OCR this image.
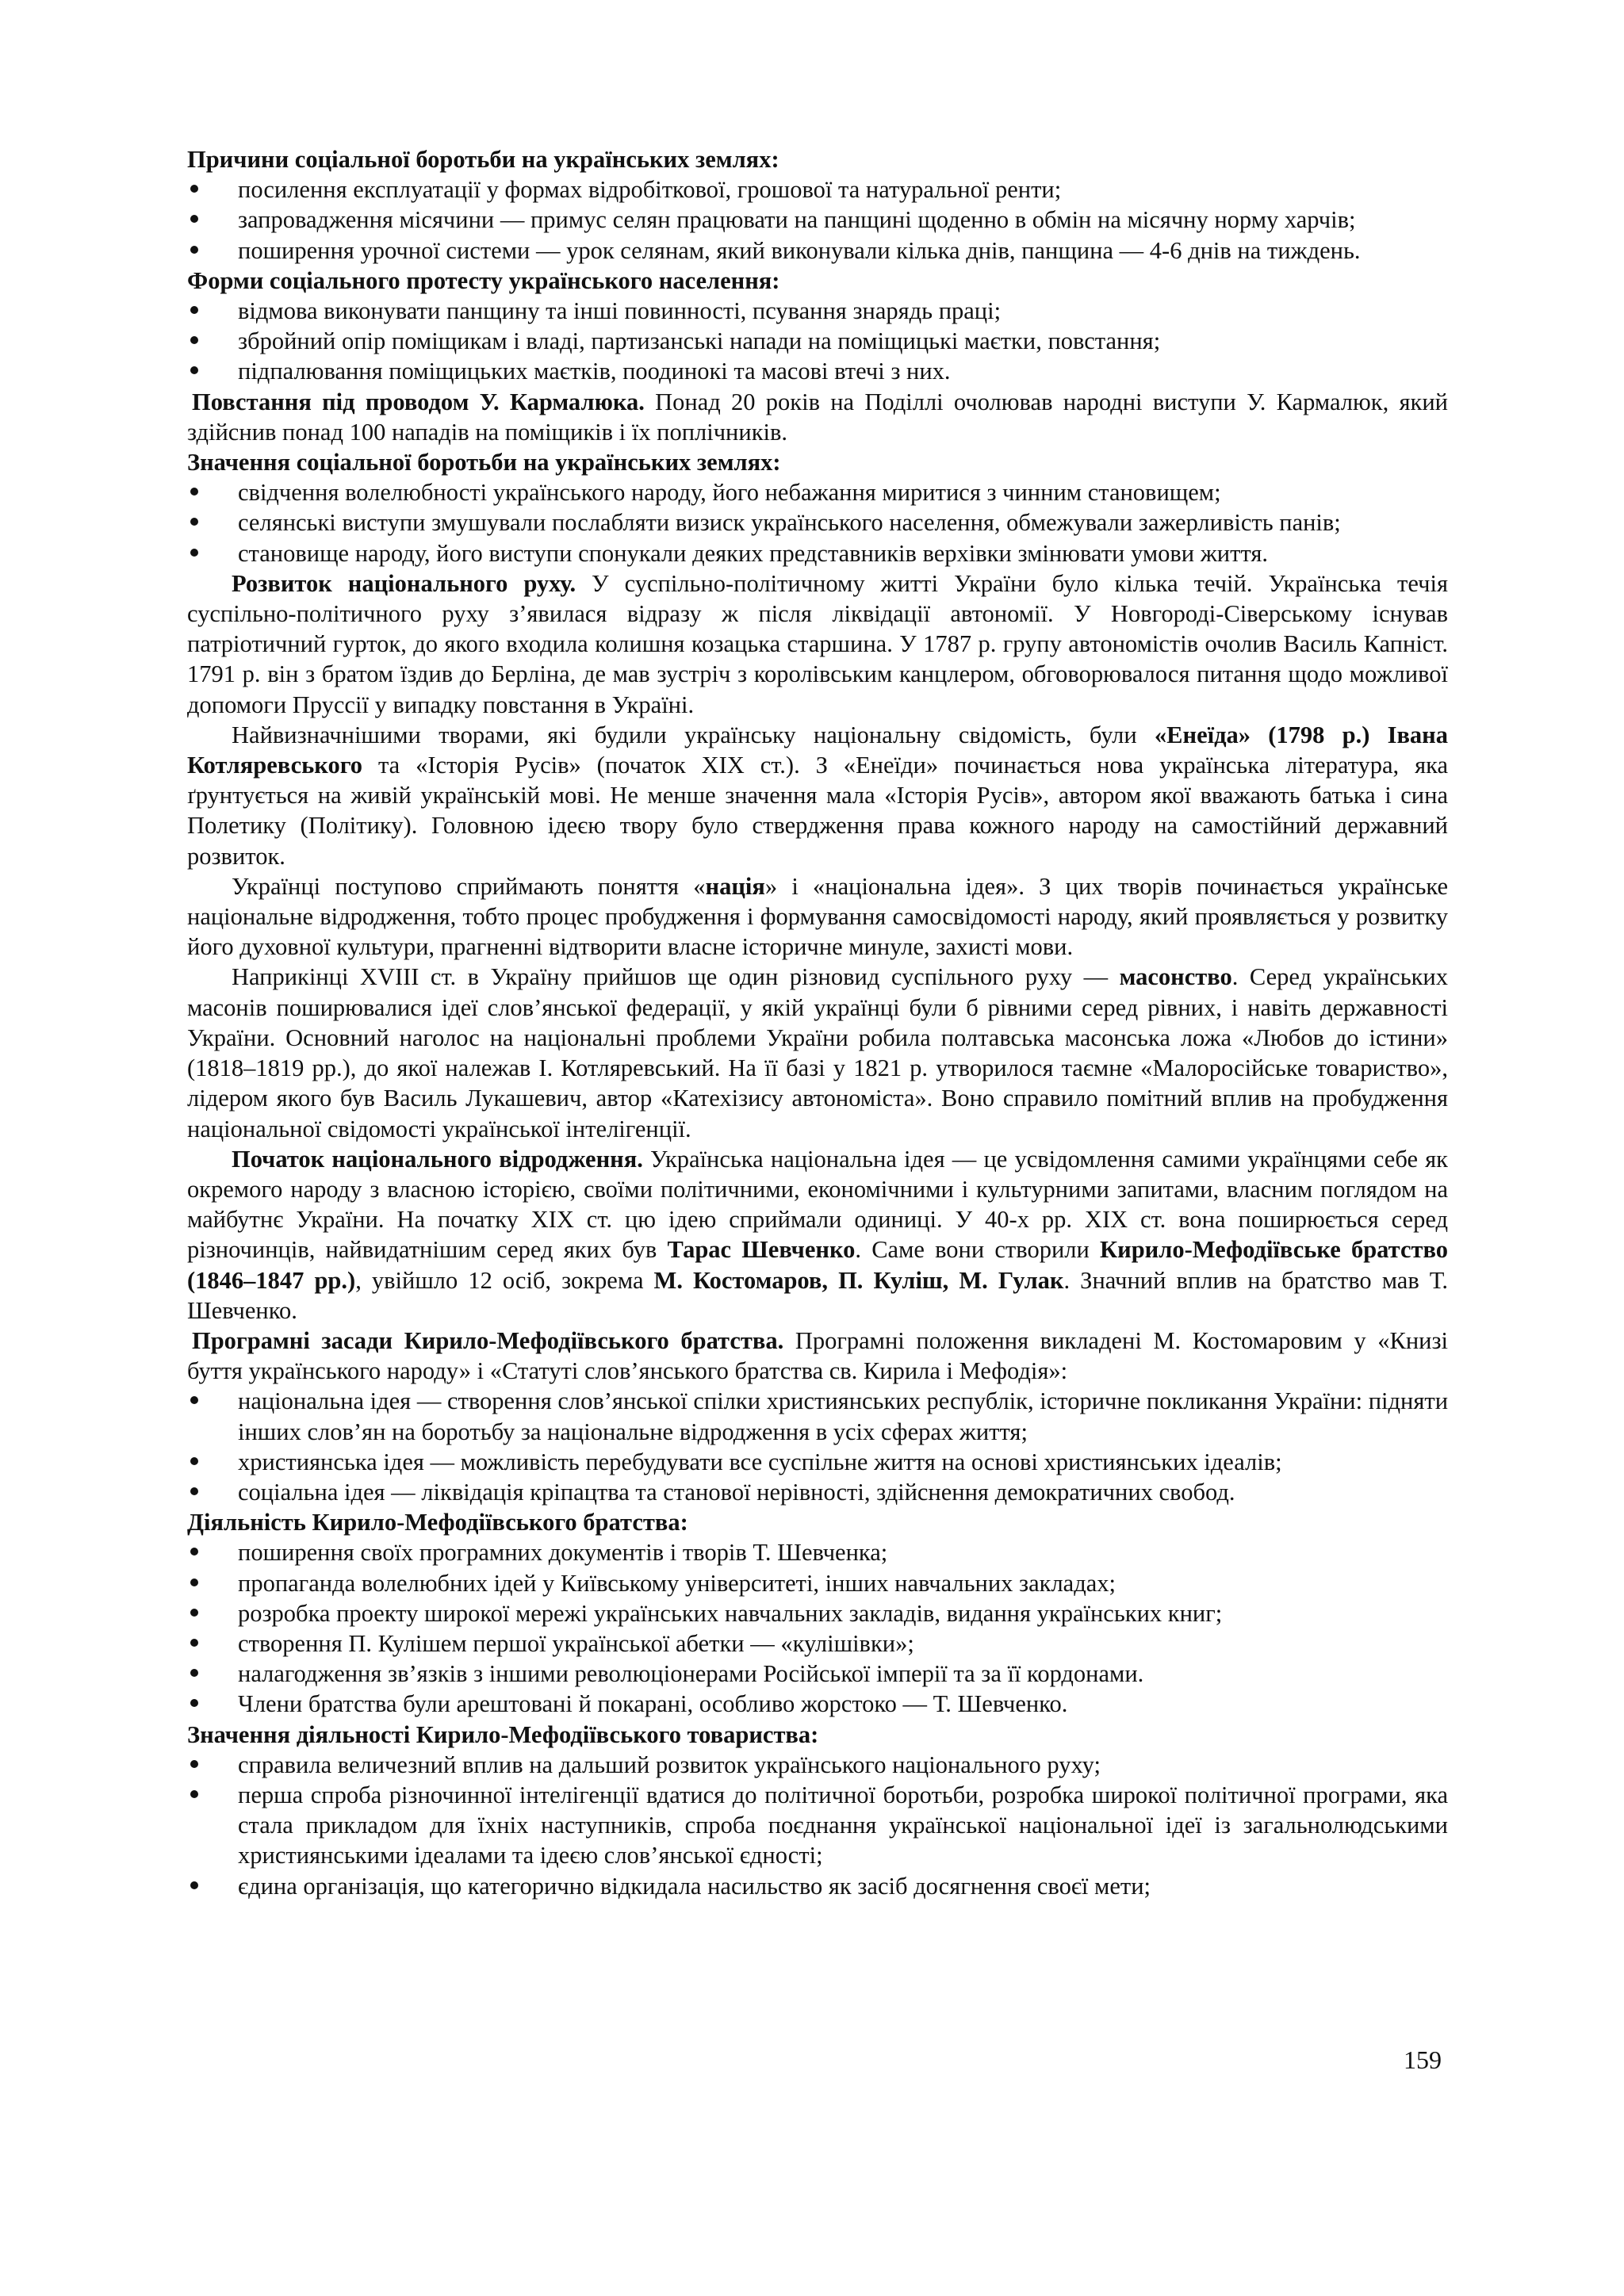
Причини соціальної боротьби на українських землях:

посилення експлуатації у формах відробіткової, грошової та натуральної ренти;
запровадження місячини — примус селян працювати на панщині щоденно в обмін на місячну норму харчів;
поширення урочної системи — урок селянам, який виконували кілька днів, панщина — 4-6 днів на тиждень.

Форми соціального протесту українського населення:

відмова виконувати панщину та інші повинності, псування знарядь праці;
збройний опір поміщикам і владі, партизанські напади на поміщицькі маєтки, повстання;
підпалювання поміщицьких маєтків, поодинокі та масові втечі з них.

Повстання під проводом У. Кармалюка. Понад 20 років на Поділлі очолював народні виступи У. Кармалюк, який здійснив понад 100 нападів на поміщиків і їх поплічників.

Значення соціальної боротьби на українських землях:

свідчення волелюбності українського народу, його небажання миритися з чинним становищем;
селянські виступи змушували послабляти визиск українського населення, обмежували зажерливість панів;
становище народу, його виступи спонукали деяких представників верхівки змінювати умови життя.

Розвиток національного руху. У суспільно-політичному житті України було кілька течій. Українська течія суспільно-політичного руху з’явилася відразу ж після ліквідації автономії. У Новгороді-Сіверському існував патріотичний гурток, до якого входила колишня козацька старшина. У 1787 р. групу автономістів очолив Василь Капніст. 1791 р. він з братом їздив до Берліна, де мав зустріч з королівським канцлером, обговорювалося питання щодо можливої допомоги Пруссії у випадку повстання в Україні.

Найвизначнішими творами, які будили українську національну свідомість, були «Енеїда» (1798 р.) Івана Котляревського та «Історія Русів» (початок XIX ст.). З «Енеїди» починається нова українська література, яка ґрунтується на живій українській мові. Не менше значення мала «Історія Русів», автором якої вважають батька і сина Полетику (Політику). Головною ідеєю твору було ствердження права кожного народу на самостійний державний розвиток.

Українці поступово сприймають поняття «нація» і «національна ідея». З цих творів починається українське національне відродження, тобто процес пробудження і формування самосвідомості народу, який проявляється у розвитку його духовної культури, прагненні відтворити власне історичне минуле, захисті мови.

Наприкінці XVIII ст. в Україну прийшов ще один різновид суспільного руху — масонство. Серед українських масонів поширювалися ідеї слов’янської федерації, у якій українці були б рівними серед рівних, і навіть державності України. Основний наголос на національні проблеми України робила полтавська масонська ложа «Любов до істини» (1818–1819 рр.), до якої належав І. Котляревський. На її базі у 1821 р. утворилося таємне «Малоросійське товариство», лідером якого був Василь Лукашевич, автор «Катехізису автономіста». Воно справило помітний вплив на пробудження національної свідомості української інтелігенції.

Початок національного відродження. Українська національна ідея — це усвідомлення самими українцями себе як окремого народу з власною історією, своїми політичними, економічними і культурними запитами, власним поглядом на майбутнє України. На початку XIX ст. цю ідею сприймали одиниці. У 40-х рр. XIX ст. вона поширюється серед різночинців, найвидатнішим серед яких був Тарас Шевченко. Саме вони створили Кирило-Мефодіївське братство (1846–1847 рр.), увійшло 12 осіб, зокрема М. Костомаров, П. Куліш, М. Гулак. Значний вплив на братство мав Т. Шевченко.

Програмні засади Кирило-Мефодіївського братства. Програмні положення викладені М. Костомаровим у «Книзі буття українського народу» і «Статуті слов’янського братства св. Кирила і Мефодія»:

національна ідея — створення слов’янської спілки християнських республік, історичне покликання України: підняти інших слов’ян на боротьбу за національне відродження в усіх сферах життя;
християнська ідея — можливість перебудувати все суспільне життя на основі християнських ідеалів;
соціальна ідея — ліквідація кріпацтва та станової нерівності, здійснення демократичних свобод.

Діяльність Кирило-Мефодіївського братства:

поширення своїх програмних документів і творів Т. Шевченка;
пропаганда волелюбних ідей у Київському університеті, інших навчальних закладах;
розробка проекту широкої мережі українських навчальних закладів, видання українських книг;
створення П. Кулішем першої української абетки — «кулішівки»;
налагодження зв’язків з іншими революціонерами Російської імперії та за її кордонами.
Члени братства були арештовані й покарані, особливо жорстоко — Т. Шевченко.

Значення діяльності Кирило-Мефодіївського товариства:

справила величезний вплив на дальший розвиток українського національного руху;
перша спроба різночинної інтелігенції вдатися до політичної боротьби, розробка широкої політичної програми, яка стала прикладом для їхніх наступників, спроба поєднання української національної ідеї із загальнолюдськими християнськими ідеалами та ідеєю слов’янської єдності;
єдина організація, що категорично відкидала насильство як засіб досягнення своєї мети;
159
